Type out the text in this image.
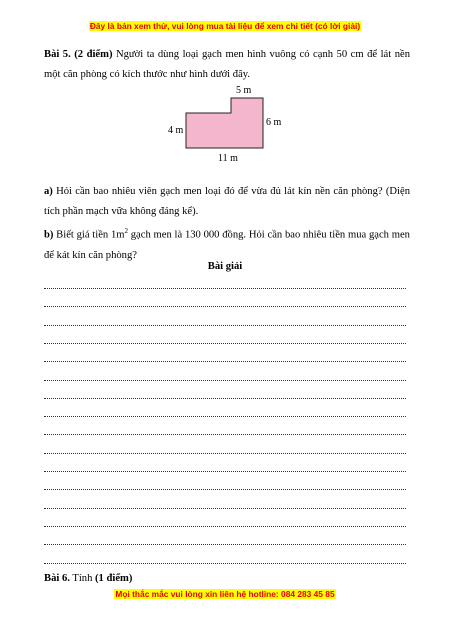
Đây là bản xem thử, vui lòng mua tài liệu để xem chi tiết (có lời giải)
Bài 5. (2 điểm) Người ta dùng loại gạch men hình vuông có cạnh 50 cm để lát nền một căn phòng có kích thước như hình dưới đây.
5 m
6 m
4 m
11 m
a) Hỏi cần bao nhiêu viên gạch men loại đó để vừa đủ lát kín nền căn phòng? (Diện tích phần mạch vữa không đáng kể).
b) Biết giá tiền $1m^2$ gạch men là 130 000 đồng. Hỏi cần bao nhiêu tiền mua gạch men để kát kín căn phòng?
Bài giải
Bài 6. Tính (1 điểm)
Mọi thắc mắc vui lòng xin liên hệ hotline: 084 283 45 85
